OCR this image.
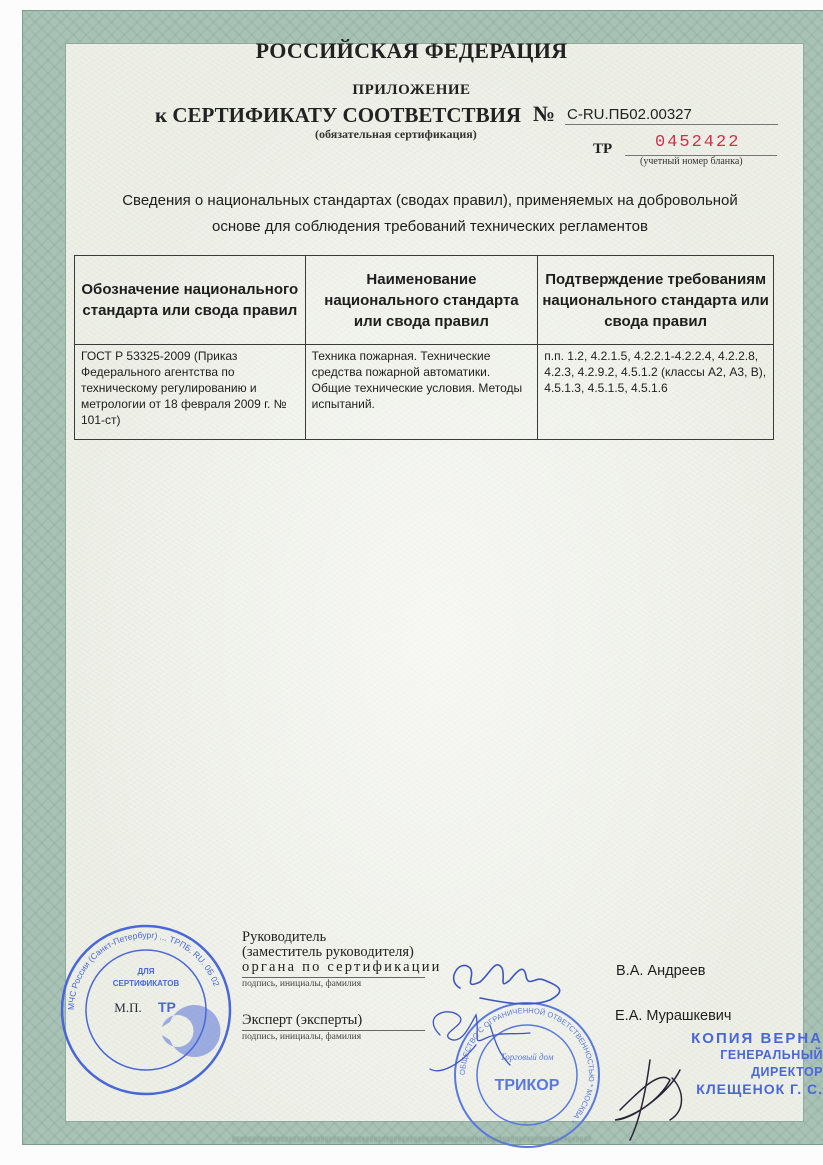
РОССИЙСКАЯ ФЕДЕРАЦИЯ
ПРИЛОЖЕНИЕ
к СЕРТИФИКАТУ СООТВЕТСТВИЯ № С-RU.ПБ02.00327
(обязательная сертификация)
ТР	0452422
(учетный номер бланка)
Сведения о национальных стандартах (сводах правил), применяемых на добровольной
основе для соблюдения требований технических регламентов
Обозначение национального стандарта или свода правил	Наименование национального стандарта или свода правил	Подтверждение требованиям национального стандарта или свода правил
ГОСТ Р 53325-2009 (Приказ Федерального агентства по техническому регулированию и метрологии от 18 февраля 2009 г. № 101-ст)	Техника пожарная. Технические средства пожарной автоматики. Общие технические условия. Методы испытаний.	п.п. 1.2, 4.2.1.5, 4.2.2.1-4.2.2.4, 4.2.2.8, 4.2.3, 4.2.9.2, 4.5.1.2 (классы А2, А3, В), 4.5.1.3, 4.5.1.5, 4.5.1.6
МЧС России (Санкт-Петербург) ... ТРПБ. RU. 0Б 02
ДЛЯ
СЕРТИФИКАТОВ
М.П. ТР
Руководитель
(заместитель руководителя)
органа по сертификации
подпись, инициалы, фамилия
Эксперт (эксперты)
подпись, инициалы, фамилия
ОБЩЕСТВО С ОГРАНИЧЕННОЙ ОТВЕТСТВЕННОСТЬЮ * МОСКВА *
Торговый дом
ТРИКОР
В.А. Андреев
Е.А. Мурашкевич
КОПИЯ ВЕРНА
ГЕНЕРАЛЬНЫЙ ДИРЕКТОР
КЛЕЩЕНОК Г. С.
▒▒▒▒▒▒▒▒▒▒▒▒▒▒▒▒▒▒▒▒▒▒▒▒▒▒▒▒▒▒▒▒▒▒▒▒▒▒▒▒▒▒▒▒▒▒▒▒▒▒▒▒▒▒▒▒▒▒▒▒▒▒▒▒▒▒▒▒▒▒▒▒▒▒▒▒▒▒▒▒▒▒▒▒▒▒▒▒▒
